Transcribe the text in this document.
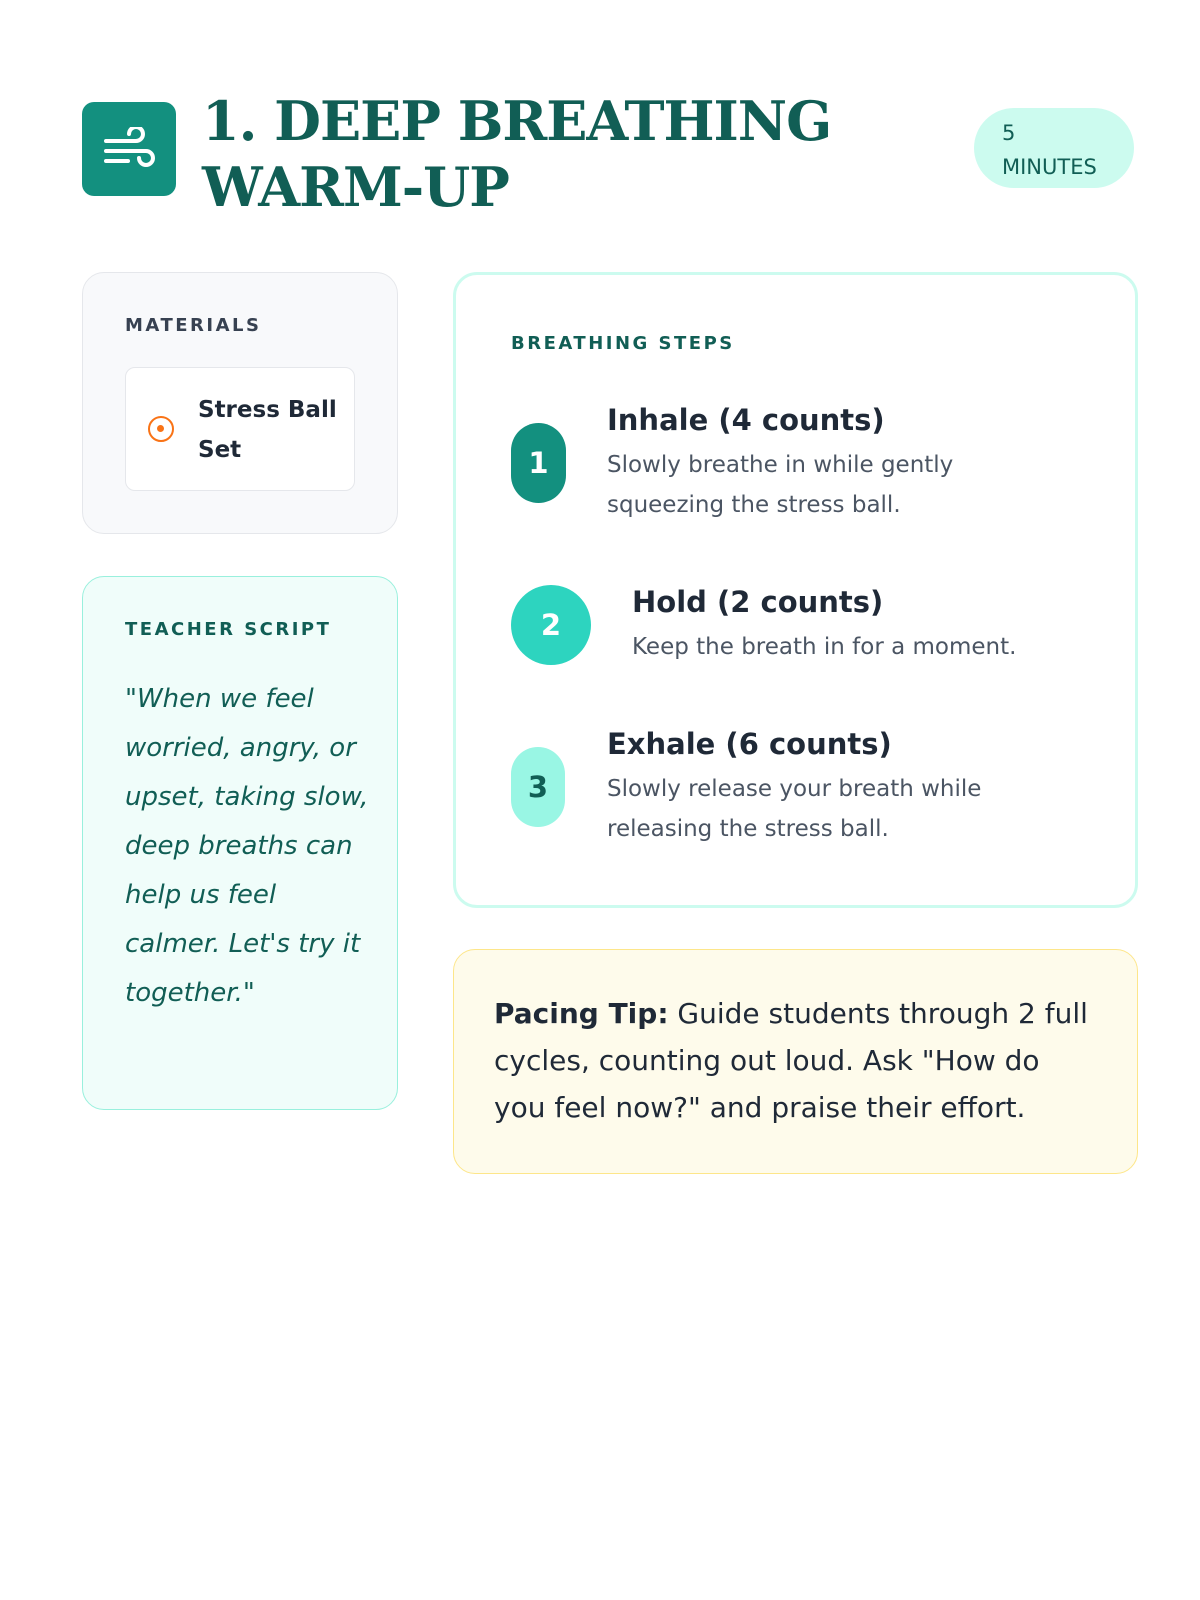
1. DEEP BREATHING WARM-UP
5
MINUTES
MATERIALS
Stress Ball Set
TEACHER SCRIPT

"When we feel worried, angry, or upset, taking slow, deep breaths can help us feel calmer. Let's try it together."

BREATHING STEPS
1
Inhale (4 counts)
Slowly breathe in while gently squeezing the stress ball.
2
Hold (2 counts)
Keep the breath in for a moment.
3
Exhale (6 counts)
Slowly release your breath while releasing the stress ball.
Pacing Tip: Guide students through 2 full cycles, counting out loud. Ask "How do you feel now?" and praise their effort.
